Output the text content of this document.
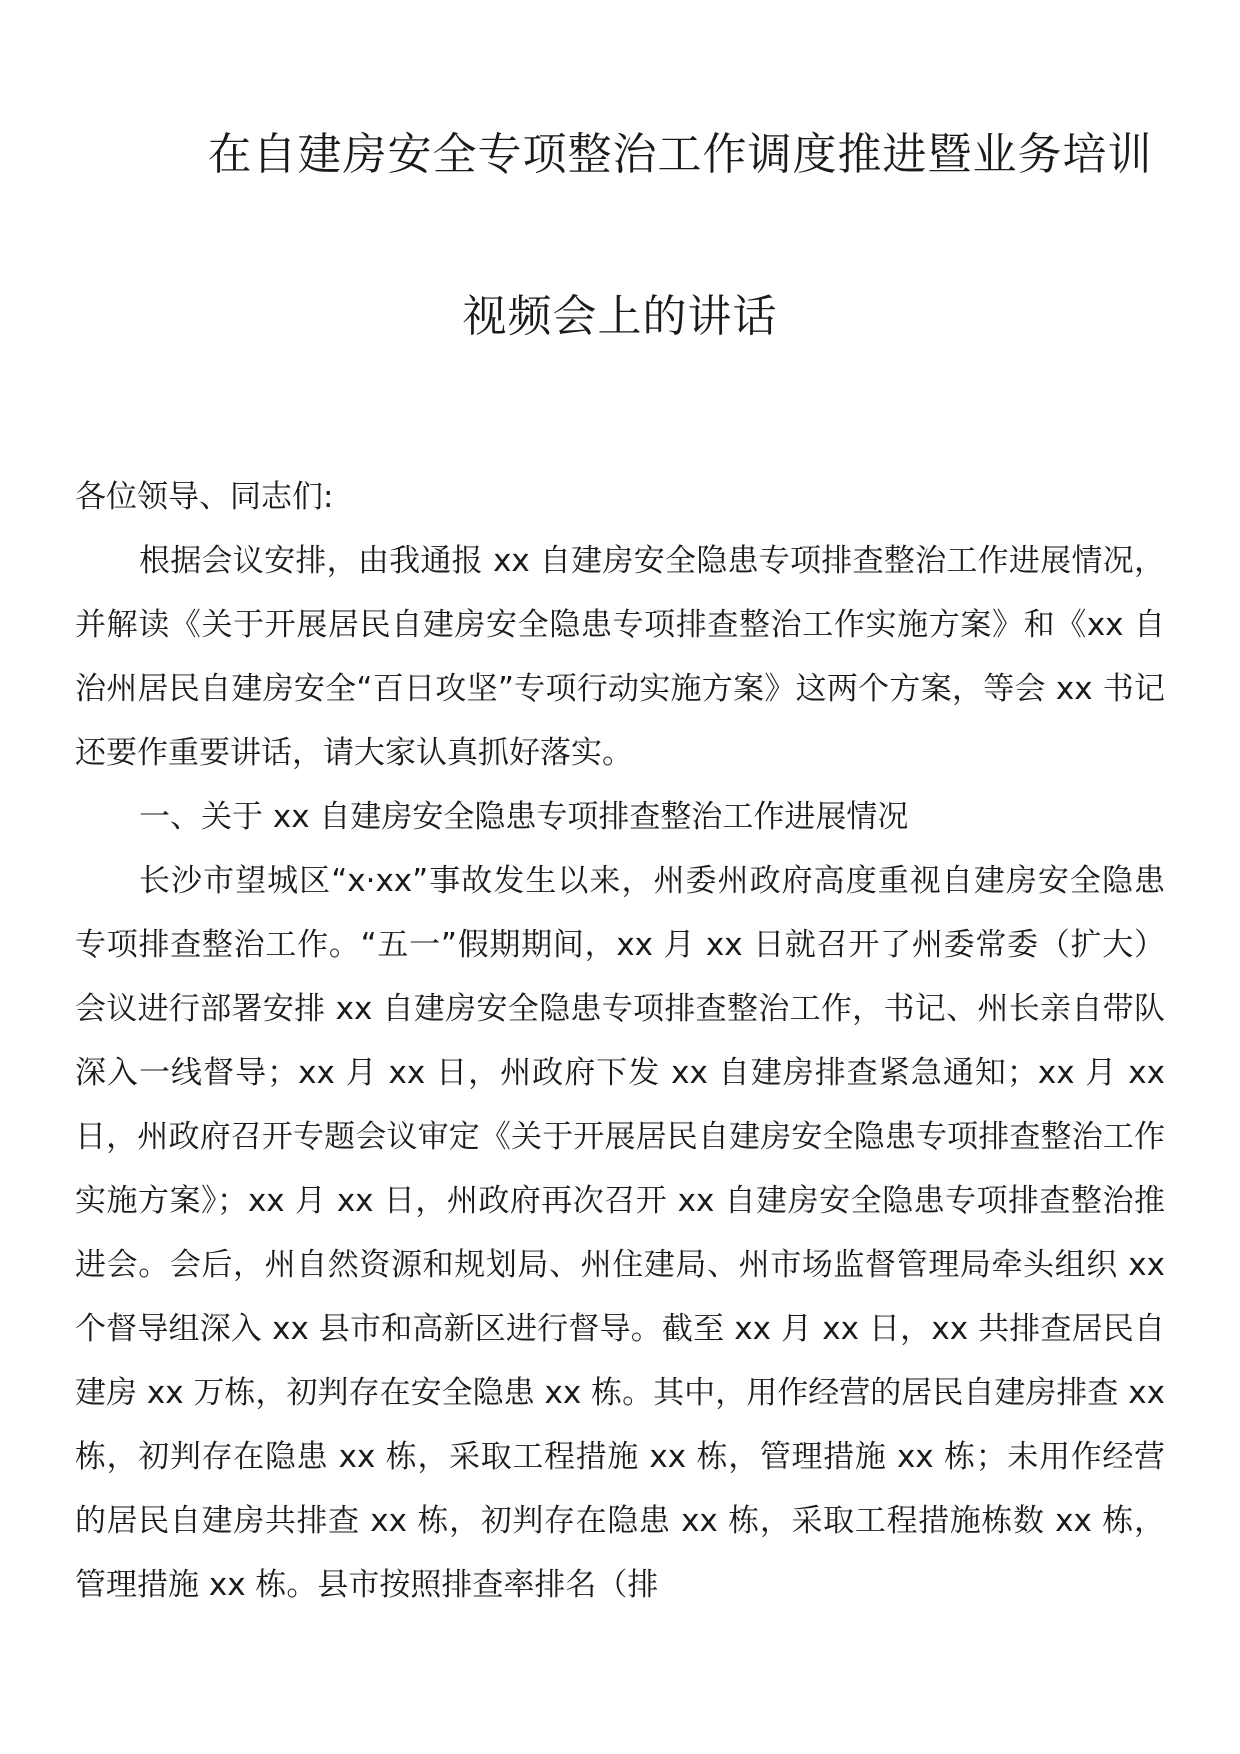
在自建房安全专项整治工作调度推进暨业务培训
视频会上的讲话

各位领导、同志们:

根据会议安排，由我通报 xx 自建房安全隐患专项排查整治工作进展情况，并解读《关于开展居民自建房安全隐患专项排查整治工作实施方案》和《xx 自治州居民自建房安全“百日攻坚”专项行动实施方案》这两个方案，等会 xx 书记还要作重要讲话，请大家认真抓好落实。

一、关于 xx 自建房安全隐患专项排查整治工作进展情况

长沙市望城区“x·xx”事故发生以来，州委州政府高度重视自建房安全隐患专项排查整治工作。“五一”假期期间，xx 月 xx 日就召开了州委常委（扩大）会议进行部署安排 xx 自建房安全隐患专项排查整治工作，书记、州长亲自带队深入一线督导；xx 月 xx 日，州政府下发 xx 自建房排查紧急通知；xx 月 xx 日，州政府召开专题会议审定《关于开展居民自建房安全隐患专项排查整治工作实施方案》；xx 月 xx 日，州政府再次召开 xx 自建房安全隐患专项排查整治推进会。会后，州自然资源和规划局、州住建局、州市场监督管理局牵头组织 xx 个督导组深入 xx 县市和高新区进行督导。截至 xx 月 xx 日，xx 共排查居民自建房 xx 万栋，初判存在安全隐患 xx 栋。其中，用作经营的居民自建房排查 xx 栋，初判存在隐患 xx 栋，采取工程措施 xx 栋，管理措施 xx 栋；未用作经营的居民自建房共排查 xx 栋，初判存在隐患 xx 栋，采取工程措施栋数 xx 栋，管理措施 xx 栋。县市按照排查率排名（排
